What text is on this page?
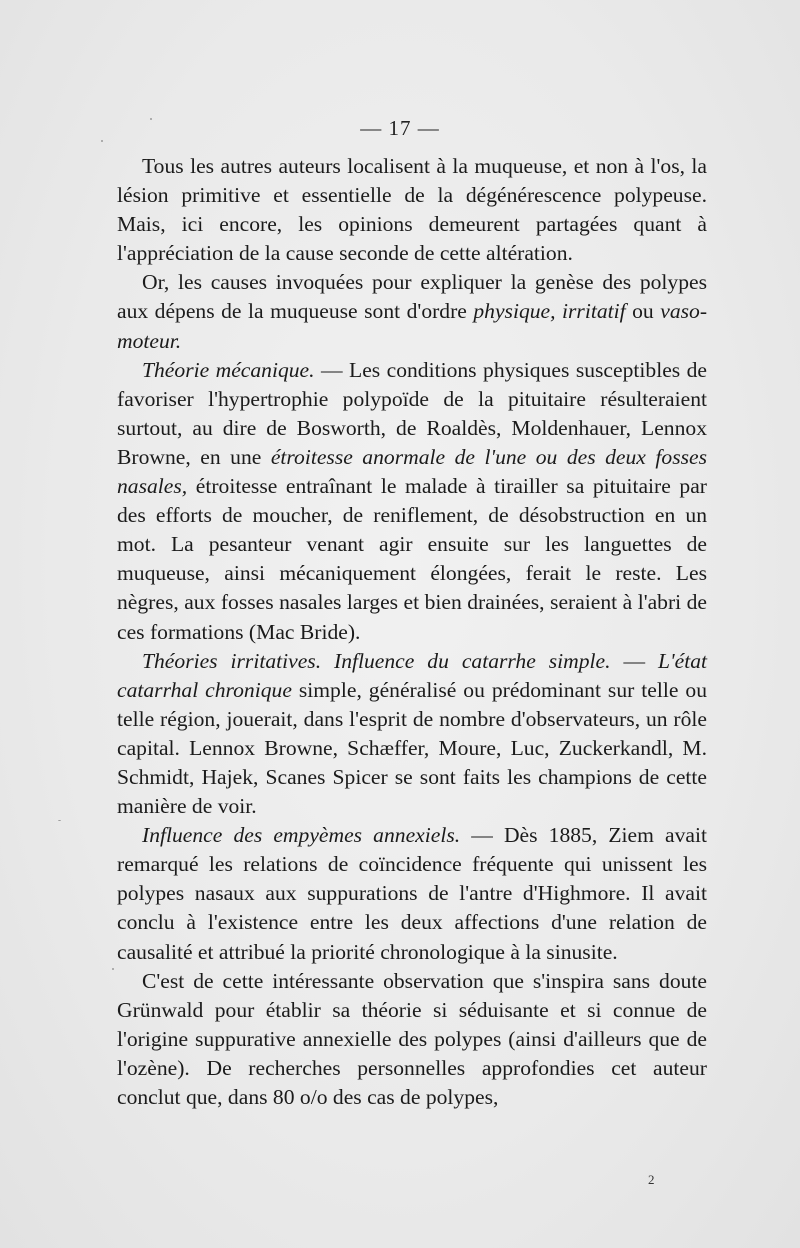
— 17 —

Tous les autres auteurs localisent à la muqueuse, et non à l'os, la lésion primitive et essentielle de la dégénérescence polypeuse. Mais, ici encore, les opinions demeurent partagées quant à l'appréciation de la cause seconde de cette altération.

Or, les causes invoquées pour expliquer la genèse des polypes aux dépens de la muqueuse sont d'ordre physique, irritatif ou vaso-moteur.

Théorie mécanique. — Les conditions physiques susceptibles de favoriser l'hypertrophie polypoïde de la pituitaire résulteraient surtout, au dire de Bosworth, de Roaldès, Moldenhauer, Lennox Browne, en une étroitesse anormale de l'une ou des deux fosses nasales, étroitesse entraînant le malade à tirailler sa pituitaire par des efforts de moucher, de reniflement, de désobstruction en un mot. La pesanteur venant agir ensuite sur les languettes de muqueuse, ainsi mécaniquement élongées, ferait le reste. Les nègres, aux fosses nasales larges et bien drainées, seraient à l'abri de ces formations (Mac Bride).

Théories irritatives. Influence du catarrhe simple. — L'état catarrhal chronique simple, généralisé ou prédominant sur telle ou telle région, jouerait, dans l'esprit de nombre d'observateurs, un rôle capital. Lennox Browne, Schæffer, Moure, Luc, Zuckerkandl, M. Schmidt, Hajek, Scanes Spicer se sont faits les champions de cette manière de voir.

Influence des empyèmes annexiels. — Dès 1885, Ziem avait remarqué les relations de coïncidence fréquente qui unissent les polypes nasaux aux suppurations de l'antre d'Highmore. Il avait conclu à l'existence entre les deux affections d'une relation de causalité et attribué la priorité chronologique à la sinusite.

C'est de cette intéressante observation que s'inspira sans doute Grünwald pour établir sa théorie si séduisante et si connue de l'origine suppurative annexielle des polypes (ainsi d'ailleurs que de l'ozène). De recherches personnelles approfondies cet auteur conclut que, dans 80 o/o des cas de polypes,

2
